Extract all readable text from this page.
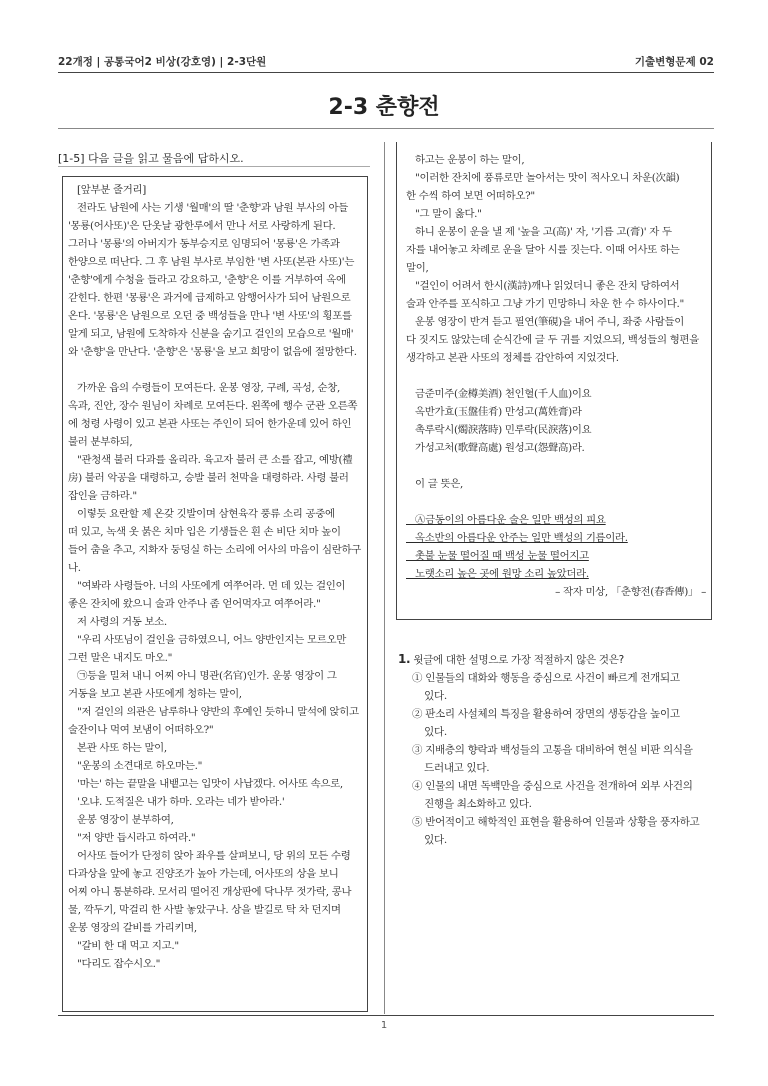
22개정 | 공통국어2 비상(강호영) | 2-3단원	기출변형문제 02
2-3 춘향전
[1-5] 다음 글을 읽고 물음에 답하시오.

[앞부분 줄거리]

전라도 남원에 사는 기생 '월매'의 딸 '춘향'과 남원 부사의 아들

'몽룡(어사또)'은 단옷날 광한루에서 만나 서로 사랑하게 된다.

그러나 '몽룡'의 아버지가 동부승지로 임명되어 '몽룡'은 가족과

한양으로 떠난다. 그 후 남원 부사로 부임한 '변 사또(본관 사또)'는

'춘향'에게 수청을 들라고 강요하고, '춘향'은 이를 거부하여 옥에

갇힌다. 한편 '몽룡'은 과거에 급제하고 암행어사가 되어 남원으로

온다. '몽룡'은 남원으로 오던 중 백성들을 만나 '변 사또'의 횡포를

알게 되고, 남원에 도착하자 신분을 숨기고 걸인의 모습으로 '월매'

와 '춘향'을 만난다. '춘향'은 '몽룡'을 보고 희망이 없음에 절망한다.

가까운 읍의 수령들이 모여든다. 운봉 영장, 구례, 곡성, 순창,

옥과, 진안, 장수 원님이 차례로 모여든다. 왼쪽에 행수 군관 오른쪽

에 청령 사령이 있고 본관 사또는 주인이 되어 한가운데 있어 하인

불러 분부하되,

"관청색 불러 다과를 올리라. 육고자 불러 큰 소를 잡고, 예방(禮

房) 불러 악공을 대령하고, 승발 불러 천막을 대령하라. 사령 불러

잡인을 금하라."

이렇듯 요란할 제 온갖 깃발이며 삼현육각 풍류 소리 공중에

떠 있고, 녹색 옷 붉은 치마 입은 기생들은 흰 손 비단 치마 높이

들어 춤을 추고, 지화자 둥덩실 하는 소리에 어사의 마음이 심란하구

나.

"여봐라 사령들아. 너의 사또에게 여쭈어라. 먼 데 있는 걸인이

좋은 잔치에 왔으니 술과 안주나 좀 얻어먹자고 여쭈어라."

저 사령의 거동 보소.

"우리 사또님이 걸인을 금하였으니, 어느 양반인지는 모르오만

그런 말은 내지도 마오."

㉠등을 밀쳐 내니 어찌 아니 명관(名官)인가. 운봉 영장이 그

거동을 보고 본관 사또에게 청하는 말이,

"저 걸인의 의관은 남루하나 양반의 후예인 듯하니 말석에 앉히고

술잔이나 먹여 보냄이 어떠하오?"

본관 사또 하는 말이,

"운봉의 소견대로 하오마는."

'마는' 하는 끝말을 내뱉고는 입맛이 사납겠다. 어사또 속으로,

'오냐. 도적질은 내가 하마. 오라는 네가 받아라.'

운봉 영장이 분부하여,

"저 양반 듭시라고 하여라."

어사또 들어가 단정히 앉아 좌우를 살펴보니, 당 위의 모든 수령

다과상을 앞에 놓고 진양조가 높아 가는데, 어사또의 상을 보니

어찌 아니 통분하랴. 모서리 떨어진 개상판에 닥나무 젓가락, 콩나

물, 깍두기, 막걸리 한 사발 놓았구나. 상을 발길로 탁 차 던지며

운봉 영장의 갈비를 가리키며,

"갈비 한 대 먹고 지고."

"다리도 잡수시오."

하고는 운봉이 하는 말이,

"이러한 잔치에 풍류로만 놀아서는 맛이 적사오니 차운(次韻)

한 수씩 하여 보면 어떠하오?"

"그 말이 옳다."

하니 운봉이 운을 낼 제 '높을 고(高)' 자, '기름 고(膏)' 자 두

자를 내어놓고 차례로 운을 달아 시를 짓는다. 이때 어사또 하는

말이,

"걸인이 어려서 한시(漢詩)깨나 읽었더니 좋은 잔치 당하여서

술과 안주를 포식하고 그냥 가기 민망하니 차운 한 수 하사이다."

운봉 영장이 반겨 듣고 필연(筆硯)을 내어 주니, 좌중 사람들이

다 짓지도 않았는데 순식간에 글 두 귀를 지었으되, 백성들의 형편을

생각하고 본관 사또의 정체를 감안하여 지었것다.

금준미주(金樽美酒) 천인혈(千人血)이요

옥반가효(玉盤佳肴) 만성고(萬姓膏)라

촉루락시(燭淚落時) 민루락(民淚落)이요

가성고처(歌聲高處) 원성고(怨聲高)라.

이 글 뜻은,

Ⓐ금동이의 아름다운 술은 일만 백성의 피요

옥소반의 아름다운 안주는 일만 백성의 기름이라.

촛불 눈물 떨어질 때 백성 눈물 떨어지고

노랫소리 높은 곳에 원망 소리 높았더라.

– 작자 미상, 「춘향전(春香傳)」 –

1. 윗글에 대한 설명으로 가장 적절하지 않은 것은?

① 인물들의 대화와 행동을 중심으로 사건이 빠르게 전개되고

있다.

② 판소리 사설체의 특징을 활용하여 장면의 생동감을 높이고

있다.

③ 지배층의 향락과 백성들의 고통을 대비하여 현실 비판 의식을

드러내고 있다.

④ 인물의 내면 독백만을 중심으로 사건을 전개하여 외부 사건의

진행을 최소화하고 있다.

⑤ 반어적이고 해학적인 표현을 활용하여 인물과 상황을 풍자하고

있다.

1
